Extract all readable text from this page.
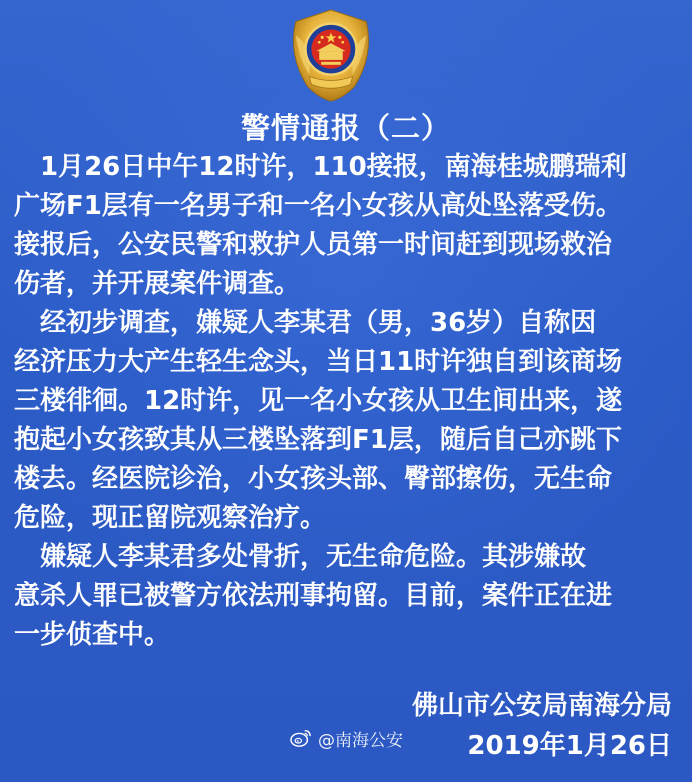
警情通报（二）
　1月26日中午12时许，110接报，南海桂城鹏瑞利
广场F1层有一名男子和一名小女孩从高处坠落受伤。
接报后，公安民警和救护人员第一时间赶到现场救治
伤者，并开展案件调查。
　经初步调查，嫌疑人李某君（男，36岁）自称因
经济压力大产生轻生念头，当日11时许独自到该商场
三楼徘徊。12时许，见一名小女孩从卫生间出来，遂
抱起小女孩致其从三楼坠落到F1层，随后自己亦跳下
楼去。经医院诊治，小女孩头部、臀部擦伤，无生命
危险，现正留院观察治疗。
　嫌疑人李某君多处骨折，无生命危险。其涉嫌故
意杀人罪已被警方依法刑事拘留。目前，案件正在进
一步侦查中。
佛山市公安局南海分局
2019年1月26日
@南海公安
